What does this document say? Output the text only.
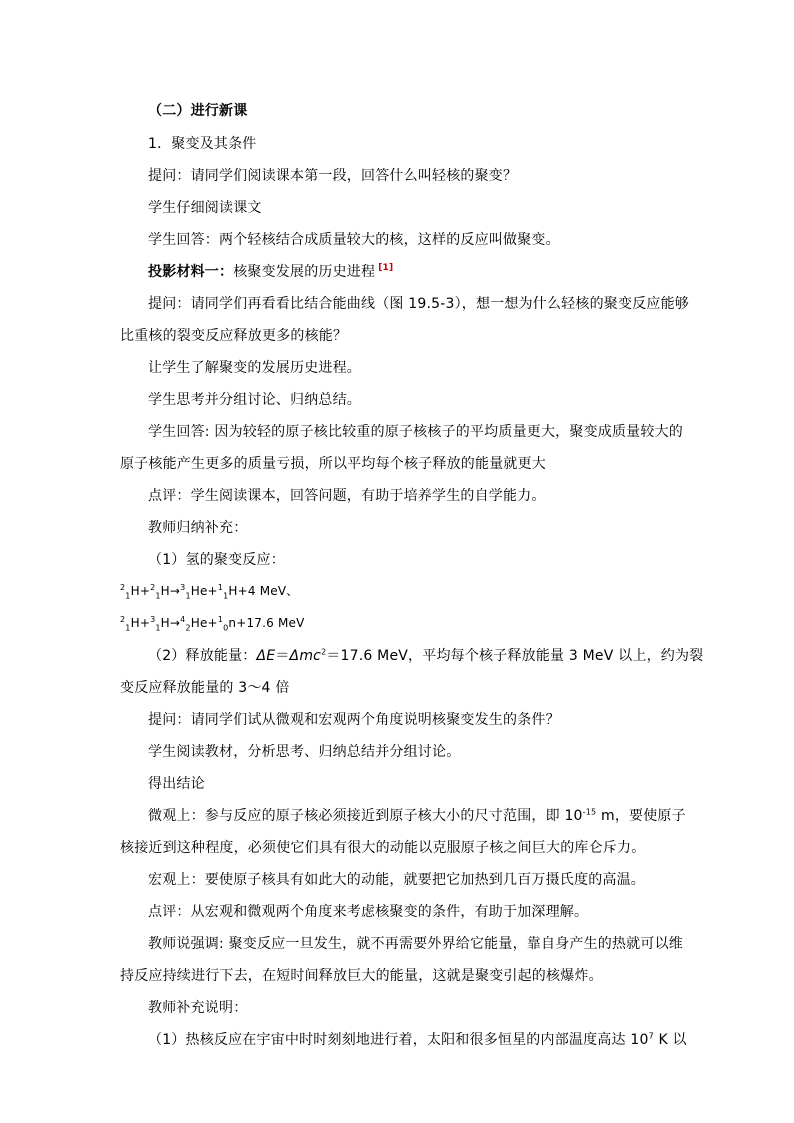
（二）进行新课
1．聚变及其条件
提问：请同学们阅读课本第一段，回答什么叫轻核的聚变？
学生仔细阅读课文
学生回答：两个轻核结合成质量较大的核，这样的反应叫做聚变。
投影材料一：核聚变发展的历史进程 [1]
提问：请同学们再看看比结合能曲线（图 19.5-3），想一想为什么轻核的聚变反应能够
比重核的裂变反应释放更多的核能？
让学生了解聚变的发展历史进程。
学生思考并分组讨论、归纳总结。
学生回答: 因为较轻的原子核比较重的原子核核子的平均质量更大，聚变成质量较大的
原子核能产生更多的质量亏损，所以平均每个核子释放的能量就更大
点评：学生阅读课本，回答问题，有助于培养学生的自学能力。
教师归纳补充：
（1）氢的聚变反应：
$^2_1$H+$^2_1$H→$^3_1$He+$^1_1$H+4 MeV、
$^2_1$H+$^3_1$H→$^4_2$He+$^1_0$n+17.6 MeV
（2）释放能量：ΔE＝Δmc$^2$＝17.6 MeV，平均每个核子释放能量 3 MeV 以上，约为裂
变反应释放能量的 3～4 倍
提问：请同学们试从微观和宏观两个角度说明核聚变发生的条件？
学生阅读教材，分析思考、归纳总结并分组讨论。
得出结论
微观上：参与反应的原子核必须接近到原子核大小的尺寸范围，即 $10^{-15}$ m，要使原子
核接近到这种程度，必须使它们具有很大的动能以克服原子核之间巨大的库仑斥力。
宏观上：要使原子核具有如此大的动能，就要把它加热到几百万摄氏度的高温。
点评：从宏观和微观两个角度来考虑核聚变的条件，有助于加深理解。
教师说强调: 聚变反应一旦发生，就不再需要外界给它能量，靠自身产生的热就可以维
持反应持续进行下去，在短时间释放巨大的能量，这就是聚变引起的核爆炸。
教师补充说明：
（1）热核反应在宇宙中时时刻刻地进行着，太阳和很多恒星的内部温度高达 $10^7$ K 以
